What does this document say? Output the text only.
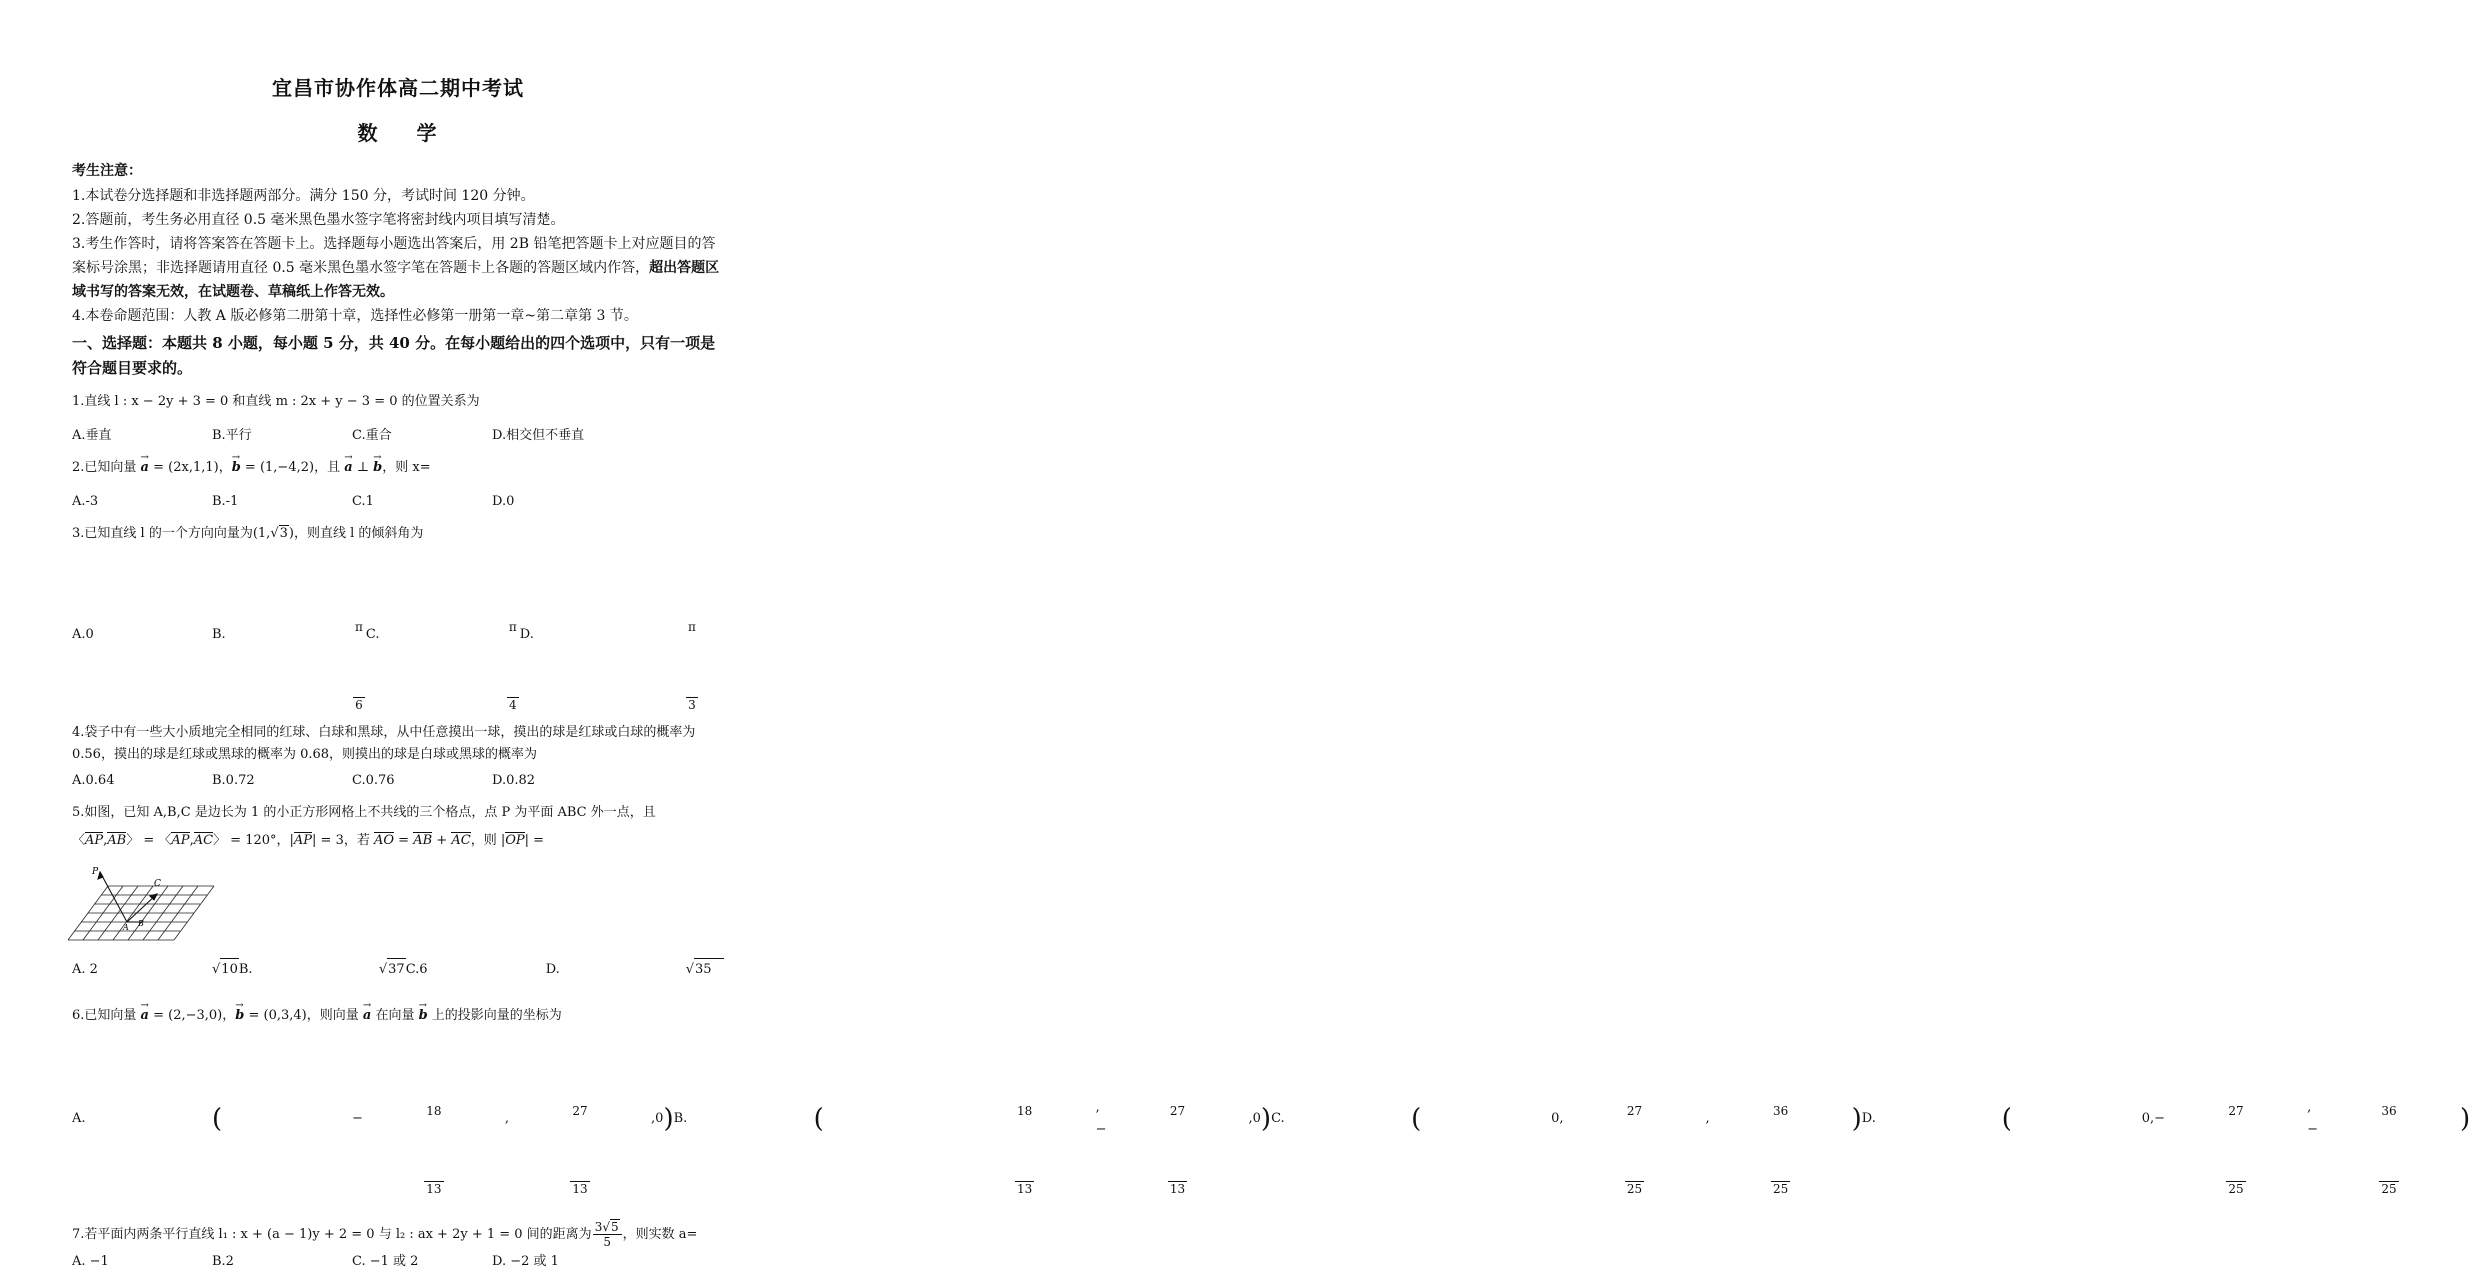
宜昌市协作体高二期中考试
数 学
考生注意：

1.本试卷分选择题和非选择题两部分。满分 150 分，考试时间 120 分钟。

2.答题前，考生务必用直径 0.5 毫米黑色墨水签字笔将密封线内项目填写清楚。

3.考生作答时，请将答案答在答题卡上。选择题每小题选出答案后，用 2B 铅笔把答题卡上对应题目的答案标号涂黑；非选择题请用直径 0.5 毫米黑色墨水签字笔在答题卡上各题的答题区域内作答，超出答题区域书写的答案无效，在试题卷、草稿纸上作答无效。

4.本卷命题范围：人教 A 版必修第二册第十章，选择性必修第一册第一章~第二章第 3 节。

一、选择题：本题共 8 小题，每小题 5 分，共 40 分。在每小题给出的四个选项中，只有一项是符合题目要求的。

1.直线 l : x − 2y + 3 = 0 和直线 m : 2x + y − 3 = 0 的位置关系为

A.垂直	B.平行	C.重合	D.相交但不垂直

2.已知向量 → a = (2x,1,1)，→ b = (1,−4,2)，且 → a ⊥ → b，则 x=

A.-3	B.-1	C.1	D.0

3.已知直线 l 的一个方向向量为(1,√3)，则直线 l 的倾斜角为

A.0	B.	$\frac{\pi}{6} C$.	$\frac{\pi}{4} D$.	$\frac{\pi}{3}$

4.袋子中有一些大小质地完全相同的红球、白球和黑球，从中任意摸出一球，摸出的球是红球或白球的概率为 0.56，摸出的球是红球或黑球的概率为 0.68，则摸出的球是白球或黑球的概率为

A.0.64	B.0.72	C.0.76	D.0.82

5.如图，已知 A,B,C 是边长为 1 的小正方形网格上不共线的三个格点，点 P 为平面 ABC 外一点，且

〈AP,AB〉 = 〈AP,AC〉 = 120°，|AP| = 3，若 AO = AB + AC，则 |OP| =

P
C
A B
A. 2	√ 10 B.	√ 37 C.6	D.	√ 35

6.已知向量 → a = (2,−3,0)，→ b = (0,3,4)，则向量 → a 在向量 → b 上的投影向量的坐标为

A.	(	− $\frac{18}{13}$ , $\frac{27}{13} ,0$ ) B.	(	$\frac{18}{13}$ ,− $\frac{27}{13} ,0$ ) C.	(	0, $\frac{27}{25}$ , $\frac{36}{25}$ ) D.	(	$0,- \frac{27}{25}$ ,− $\frac{36}{25}$ )

7.若平面内两条平行直线 l₁ : x + (a − 1)y + 2 = 0 与 l₂ : ax + 2y + 1 = 0 间的距离为 $\frac{3√5}{5}$ ，则实数 a=

A. −1	B.2	C. −1 或 2	D. −2 或 1
